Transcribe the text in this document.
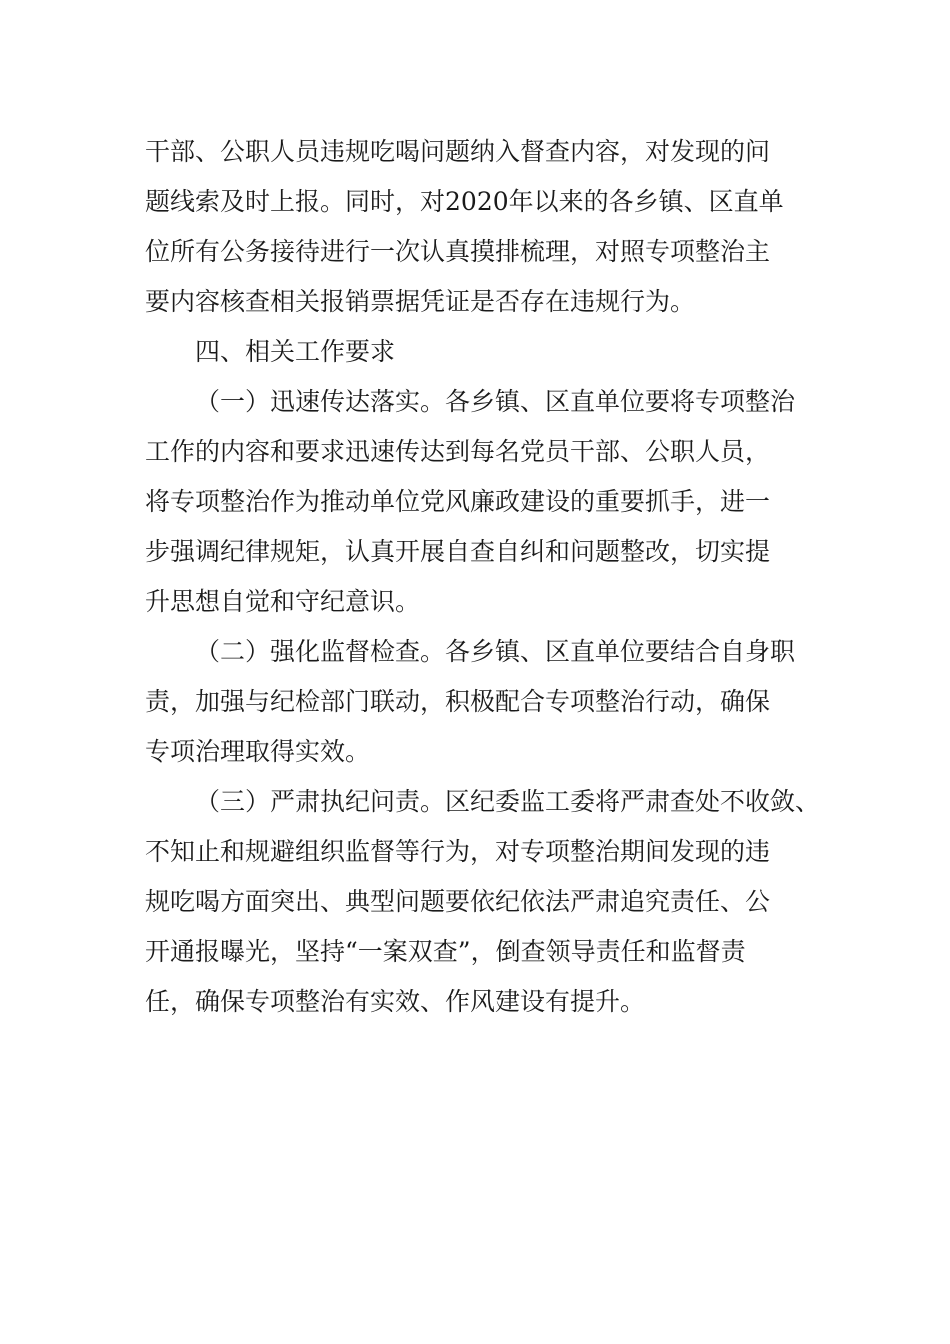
干部、公职人员违规吃喝问题纳入督查内容，对发现的问

题线索及时上报。同时，对2020年以来的各乡镇、区直单

位所有公务接待进行一次认真摸排梳理，对照专项整治主

要内容核查相关报销票据凭证是否存在违规行为。

四、相关工作要求

（一）迅速传达落实。各乡镇、区直单位要将专项整治

工作的内容和要求迅速传达到每名党员干部、公职人员，

将专项整治作为推动单位党风廉政建设的重要抓手，进一

步强调纪律规矩，认真开展自查自纠和问题整改，切实提

升思想自觉和守纪意识。

（二）强化监督检查。各乡镇、区直单位要结合自身职

责，加强与纪检部门联动，积极配合专项整治行动，确保

专项治理取得实效。

（三）严肃执纪问责。区纪委监工委将严肃查处不收敛、

不知止和规避组织监督等行为，对专项整治期间发现的违

规吃喝方面突出、典型问题要依纪依法严肃追究责任、公

开通报曝光，坚持“一案双查”，倒查领导责任和监督责

任，确保专项整治有实效、作风建设有提升。
